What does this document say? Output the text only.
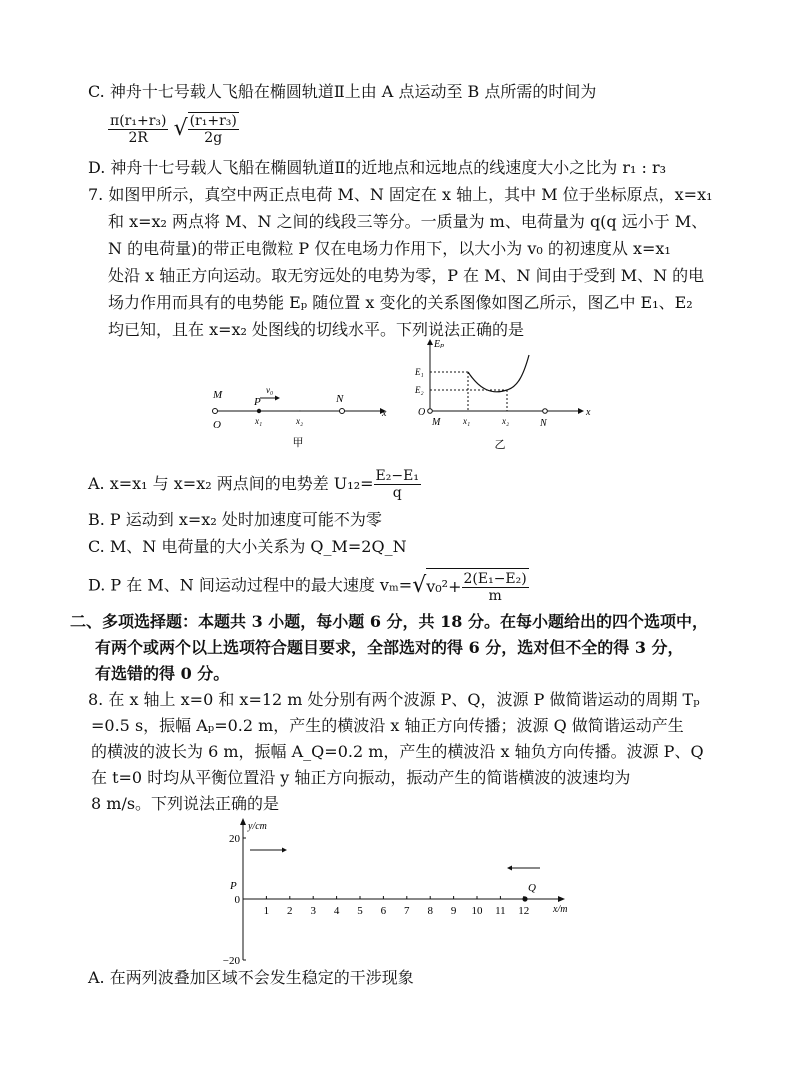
C. 神舟十七号载人飞船在椭圆轨道Ⅱ上由 A 点运动至 B 点所需的时间为
$\frac{\text{π(r₁+r₃)}}{2R}$ √ $\frac{\text{(r₁+r₃)}}{2g}$
D. 神舟十七号载人飞船在椭圆轨道Ⅱ的近地点和远地点的线速度大小之比为 r₁ : r₃
7. 如图甲所示，真空中两正点电荷 M、N 固定在 x 轴上，其中 M 位于坐标原点，x=x₁
和 x=x₂ 两点将 M、N 之间的线段三等分。一质量为 m、电荷量为 q(q 远小于 M、
N 的电荷量)的带正电微粒 P 仅在电场力作用下，以大小为 v₀ 的初速度从 x=x₁
处沿 x 轴正方向运动。取无穷远处的电势为零，P 在 M、N 间由于受到 M、N 的电
场力作用而具有的电势能 Eₚ 随位置 x 变化的关系图像如图乙所示，图乙中 E₁、E₂
均已知，且在 x=x₂ 处图线的切线水平。下列说法正确的是
·
M
O
P
v₀
x₁	x₂
N
x
甲
Eₚ
E₁
E₂
O
M	x₁	x₂	N
x
乙
A. x=x₁ 与 x=x₂ 两点间的电势差 $U_{12}= \frac{\text{E₂−E₁}}{q}$
B. P 运动到 x=x₂ 处时加速度可能不为零
C. M、N 电荷量的大小关系为 Q_M=2Q_N
D. P 在 M、N 间运动过程中的最大速度 $v_m=√v_0^2+ \frac{\text{2(E₁−E₂)}}{m}$
二、多项选择题：本题共 3 小题，每小题 6 分，共 18 分。在每小题给出的四个选项中，
有两个或两个以上选项符合题目要求，全部选对的得 6 分，选对但不全的得 3 分，
有选错的得 0 分。
8. 在 x 轴上 x=0 和 x=12 m 处分别有两个波源 P、Q，波源 P 做简谐运动的周期 Tₚ
=0.5 s，振幅 Aₚ=0.2 m，产生的横波沿 x 轴正方向传播；波源 Q 做简谐运动产生
的横波的波长为 6 m，振幅 A_Q=0.2 m，产生的横波沿 x 轴负方向传播。波源 P、Q
在 t=0 时均从平衡位置沿 y 轴正方向振动，振动产生的简谐横波的波速均为
8 m/s。下列说法正确的是
y/cm
x/m
P	Q
1 2 3 4 5 6 7 8 9 10 11 12
20
0
−20
A. 在两列波叠加区域不会发生稳定的干涉现象
